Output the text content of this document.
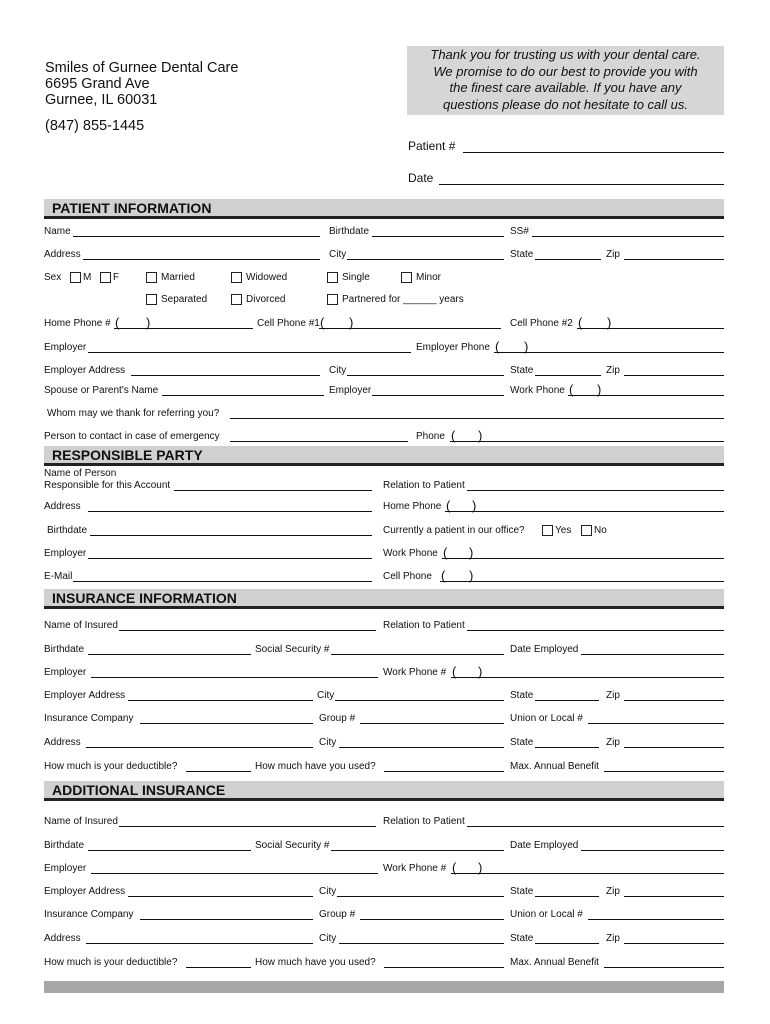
Smiles of Gurnee Dental Care
6695 Grand Ave
Gurnee, IL 60031
(847) 855-1445
Thank you for trusting us with your dental care.
We promise to do our best to provide you with
the finest care available. If you have any
questions please do not hesitate to call us.
Patient #
Date
PATIENT INFORMATION
Name	Birthdate	SS#
Address	City	State	Zip
Sex M F	Married	Widowed	Single	Minor
Separated	Divorced	Partnered for ______ years
Home Phone # ( )	Cell Phone #1 ( )	Cell Phone #2 ( )
Employer	Employer Phone ( )
Employer Address	City	State	Zip
Spouse or Parent's Name	Employer	Work Phone ( )
Whom may we thank for referring you?
Person to contact in case of emergency	Phone ( )
RESPONSIBLE PARTY
Name of Person
Responsible for this Account	Relation to Patient
Address	Home Phone ( )
Birthdate	Currently a patient in our office?	Yes No
Employer	Work Phone ( )
E-Mail	Cell Phone ( )
INSURANCE INFORMATION
Name of Insured	Relation to Patient
Birthdate	Social Security #	Date Employed
Employer	Work Phone # ( )
Employer Address	City	State	Zip
Insurance Company	Group #	Union or Local #
Address	City	State	Zip
How much is your deductible?	How much have you used?	Max. Annual Benefit
ADDITIONAL INSURANCE
Name of Insured	Relation to Patient
Birthdate	Social Security #	Date Employed
Employer	Work Phone # ( )
Employer Address	City	State	Zip
Insurance Company	Group #	Union or Local #
Address	City	State	Zip
How much is your deductible?	How much have you used?	Max. Annual Benefit
